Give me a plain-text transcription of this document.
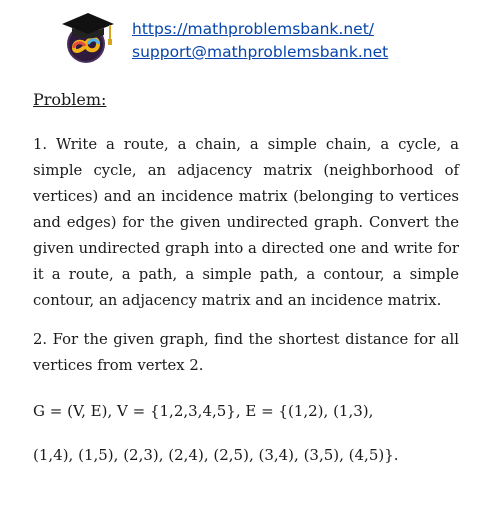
https://mathproblemsbank.net/
support@mathproblemsbank.net
Problem:

1. Write a route, a chain, a simple chain, a cycle, a simple cycle, an adjacency matrix (neighborhood of vertices) and an incidence matrix (belonging to vertices and edges) for the given undirected graph. Convert the given undirected graph into a directed one and write for it a route, a path, a simple path, a contour, a simple contour, an adjacency matrix and an incidence matrix.

2. For the given graph, find the shortest distance for all vertices from vertex 2.

G = (V, E), V = {1,2,3,4,5}, E = {(1,2), (1,3),
(1,4), (1,5), (2,3), (2,4), (2,5), (3,4), (3,5), (4,5)}.
